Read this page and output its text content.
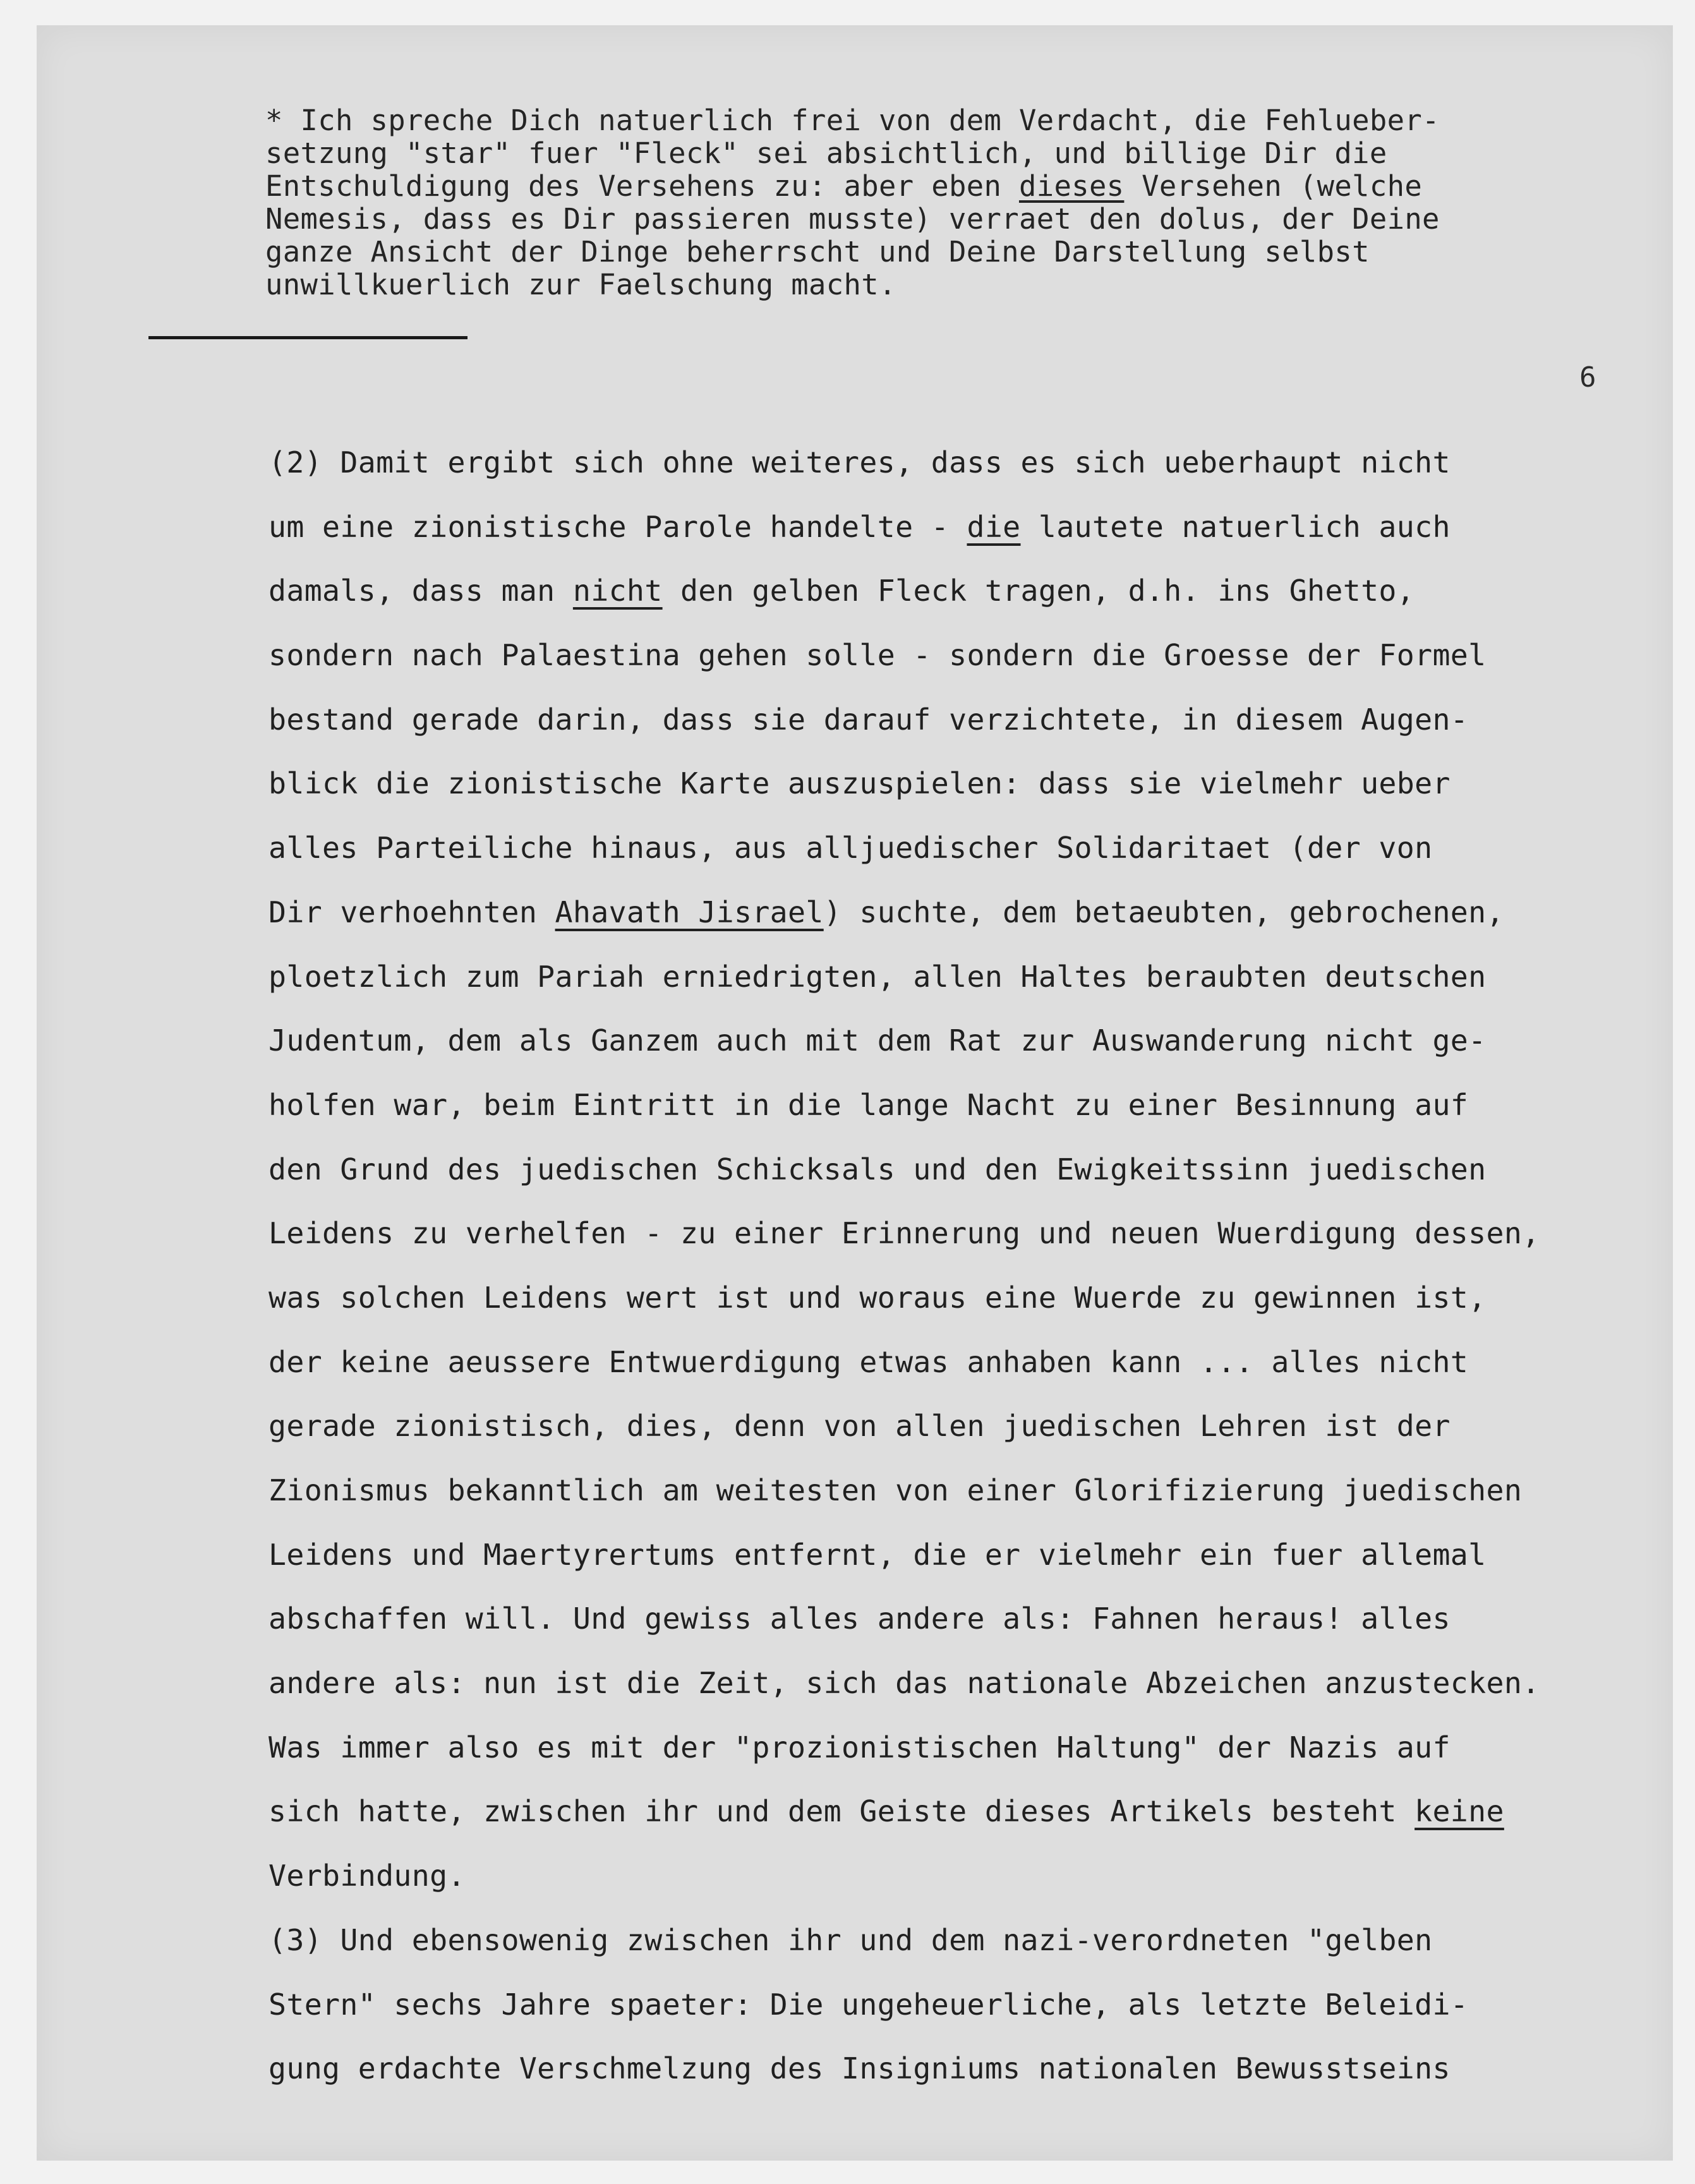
* Ich spreche Dich natuerlich frei von dem Verdacht, die Fehlueber-
setzung "star" fuer "Fleck" sei absichtlich, und billige Dir die
Entschuldigung des Versehens zu: aber eben dieses Versehen (welche
Nemesis, dass es Dir passieren musste) verraet den dolus, der Deine
ganze Ansicht der Dinge beherrscht und Deine Darstellung selbst
unwillkuerlich zur Faelschung macht.
6
(2) Damit ergibt sich ohne weiteres, dass es sich ueberhaupt nicht
um eine zionistische Parole handelte - die lautete natuerlich auch
damals, dass man nicht den gelben Fleck tragen, d.h. ins Ghetto,
sondern nach Palaestina gehen solle - sondern die Groesse der Formel
bestand gerade darin, dass sie darauf verzichtete, in diesem Augen-
blick die zionistische Karte auszuspielen: dass sie vielmehr ueber
alles Parteiliche hinaus, aus alljuedischer Solidaritaet (der von
Dir verhoehnten Ahavath Jisrael) suchte, dem betaeubten, gebrochenen,
ploetzlich zum Pariah erniedrigten, allen Haltes beraubten deutschen
Judentum, dem als Ganzem auch mit dem Rat zur Auswanderung nicht ge-
holfen war, beim Eintritt in die lange Nacht zu einer Besinnung auf
den Grund des juedischen Schicksals und den Ewigkeitssinn juedischen
Leidens zu verhelfen - zu einer Erinnerung und neuen Wuerdigung dessen,
was solchen Leidens wert ist und woraus eine Wuerde zu gewinnen ist,
der keine aeussere Entwuerdigung etwas anhaben kann ... alles nicht
gerade zionistisch, dies, denn von allen juedischen Lehren ist der
Zionismus bekanntlich am weitesten von einer Glorifizierung juedischen
Leidens und Maertyrertums entfernt, die er vielmehr ein fuer allemal
abschaffen will. Und gewiss alles andere als: Fahnen heraus! alles
andere als: nun ist die Zeit, sich das nationale Abzeichen anzustecken.
Was immer also es mit der "prozionistischen Haltung" der Nazis auf
sich hatte, zwischen ihr und dem Geiste dieses Artikels besteht keine
Verbindung.
(3) Und ebensowenig zwischen ihr und dem nazi-verordneten "gelben
Stern" sechs Jahre spaeter: Die ungeheuerliche, als letzte Beleidi-
gung erdachte Verschmelzung des Insigniums nationalen Bewusstseins
